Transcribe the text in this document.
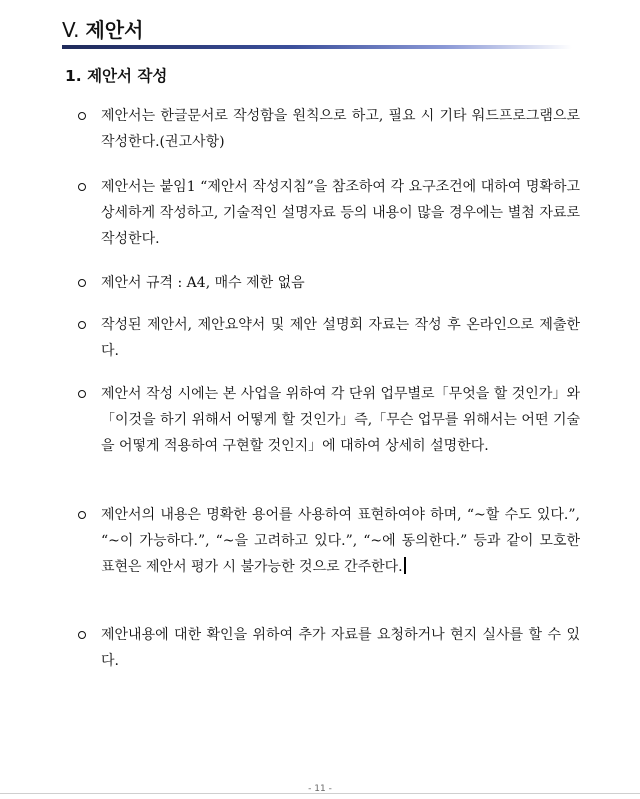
V. 제안서
1. 제안서 작성

제안서는 한글문서로 작성함을 원칙으로 하고, 필요 시 기타 워드프로그램으로 작성한다.(권고사항)

제안서는 붙임1 “제안서 작성지침”을 참조하여 각 요구조건에 대하여 명확하고 상세하게 작성하고, 기술적인 설명자료 등의 내용이 많을 경우에는 별첨 자료로 작성한다.

제안서 규격 : A4, 매수 제한 없음

작성된 제안서, 제안요약서 및 제안 설명회 자료는 작성 후 온라인으로 제출한다.

제안서 작성 시에는 본 사업을 위하여 각 단위 업무별로「무엇을 할 것인가」와「이것을 하기 위해서 어떻게 할 것인가」즉,「무슨 업무를 위해서는 어떤 기술을 어떻게 적용하여 구현할 것인지」에 대하여 상세히 설명한다.

제안서의 내용은 명확한 용어를 사용하여 표현하여야 하며, “~할 수도 있다.”, “~이 가능하다.”, “~을 고려하고 있다.”, “~에 동의한다.” 등과 같이 모호한 표현은 제안서 평가 시 불가능한 것으로 간주한다.

제안내용에 대한 확인을 위하여 추가 자료를 요청하거나 현지 실사를 할 수 있다.

- 11 -
